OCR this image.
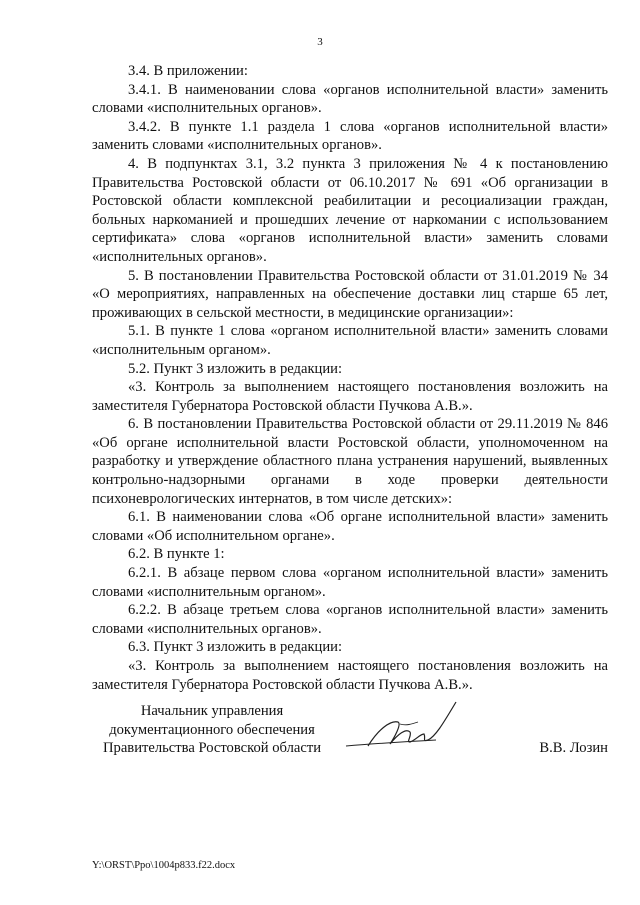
3

3.4. В приложении:

3.4.1. В наименовании слова «органов исполнительной власти» заменить словами «исполнительных органов».

3.4.2. В пункте 1.1 раздела 1 слова «органов исполнительной власти» заменить словами «исполнительных органов».

4. В подпунктах 3.1, 3.2 пункта 3 приложения № 4 к постановлению Правительства Ростовской области от 06.10.2017 № 691 «Об организации в Ростовской области комплексной реабилитации и ресоциализации граждан, больных наркоманией и прошедших лечение от наркомании с использованием сертификата» слова «органов исполнительной власти» заменить словами «исполнительных органов».

5. В постановлении Правительства Ростовской области от 31.01.2019 № 34 «О мероприятиях, направленных на обеспечение доставки лиц старше 65 лет, проживающих в сельской местности, в медицинские организации»:

5.1. В пункте 1 слова «органом исполнительной власти» заменить словами «исполнительным органом».

5.2. Пункт 3 изложить в редакции:

«3. Контроль за выполнением настоящего постановления возложить на заместителя Губернатора Ростовской области Пучкова А.В.».

6. В постановлении Правительства Ростовской области от 29.11.2019 № 846 «Об органе исполнительной власти Ростовской области, уполномоченном на разработку и утверждение областного плана устранения нарушений, выявленных контрольно-надзорными органами в ходе проверки деятельности психоневрологических интернатов, в том числе детских»:

6.1. В наименовании слова «Об органе исполнительной власти» заменить словами «Об исполнительном органе».

6.2. В пункте 1:

6.2.1. В абзаце первом слова «органом исполнительной власти» заменить словами «исполнительным органом».

6.2.2. В абзаце третьем слова «органов исполнительной власти» заменить словами «исполнительных органов».

6.3. Пункт 3 изложить в редакции:

«3. Контроль за выполнением настоящего постановления возложить на заместителя Губернатора Ростовской области Пучкова А.В.».

Начальник управления
документационного обеспечения
Правительства Ростовской области	В.В. Лозин
Y:\ORST\Ppo\1004p833.f22.docx
